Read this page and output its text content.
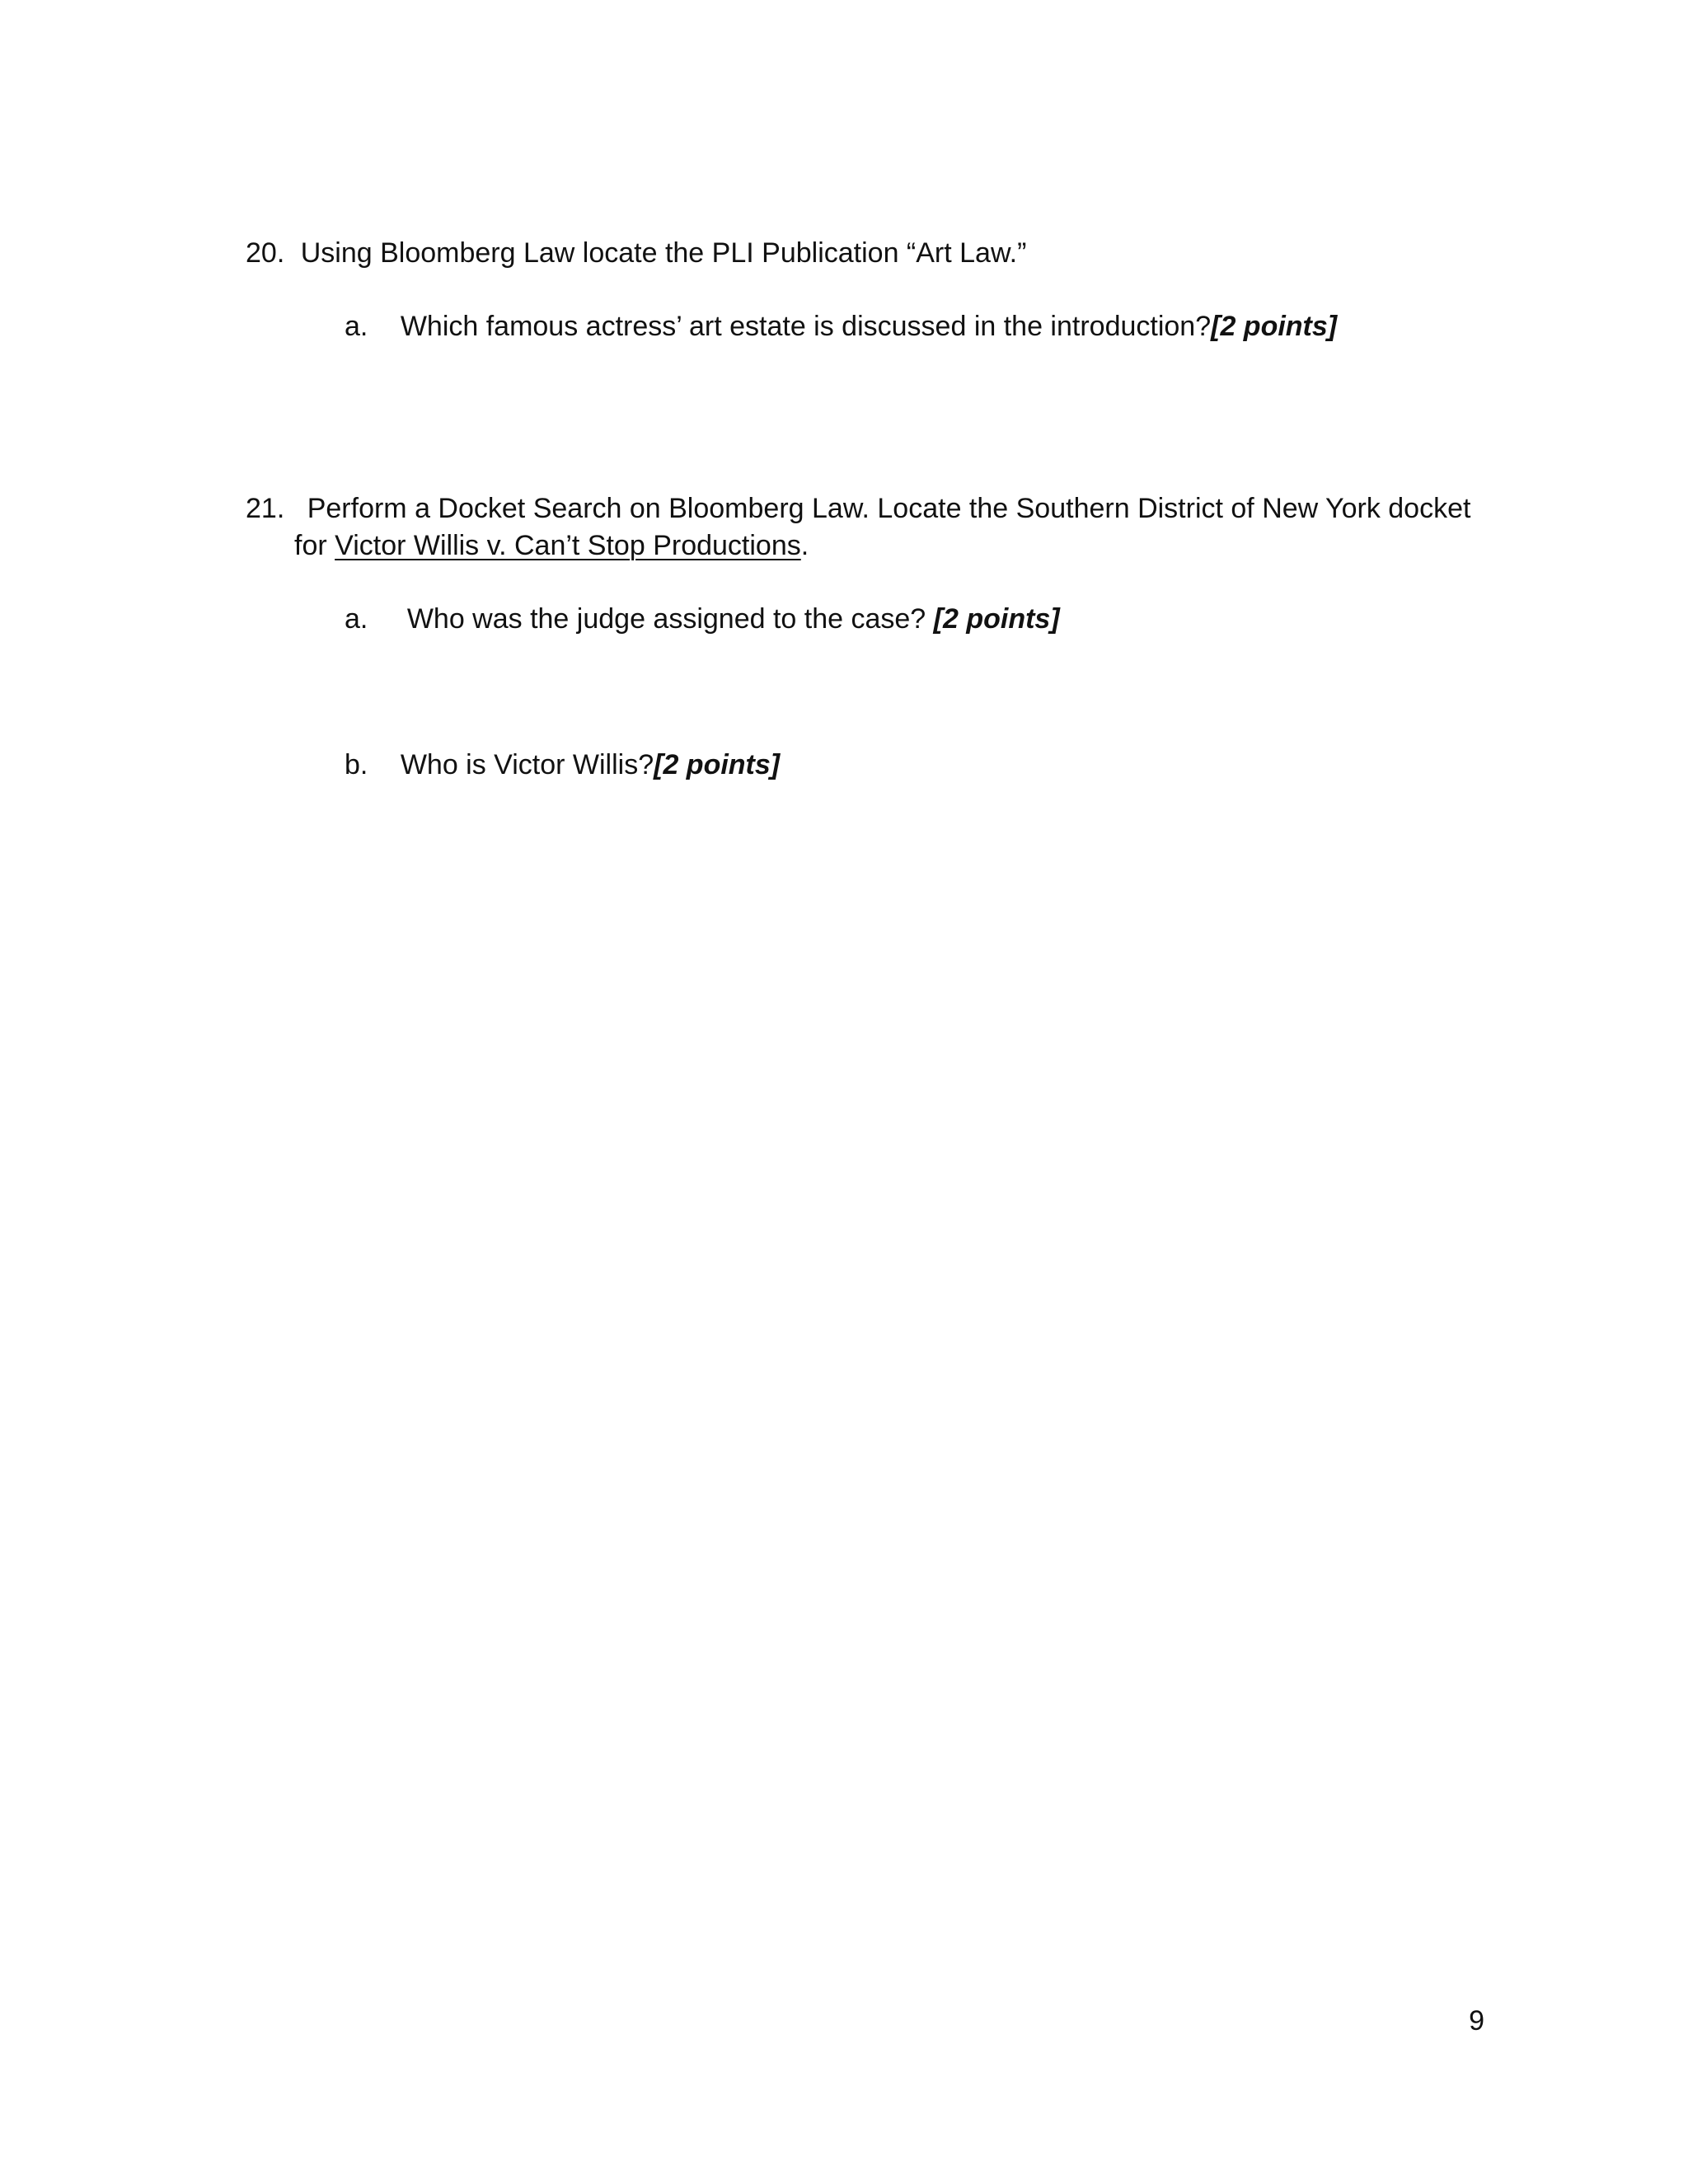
20. Using Bloomberg Law locate the PLI Publication “Art Law.”
a. Which famous actress’ art estate is discussed in the introduction?[2 points]
21. Perform a Docket Search on Bloomberg Law. Locate the Southern District of New York docket
for Victor Willis v. Can’t Stop Productions.
a. Who was the judge assigned to the case? [2 points]
b. Who is Victor Willis?[2 points]
9
